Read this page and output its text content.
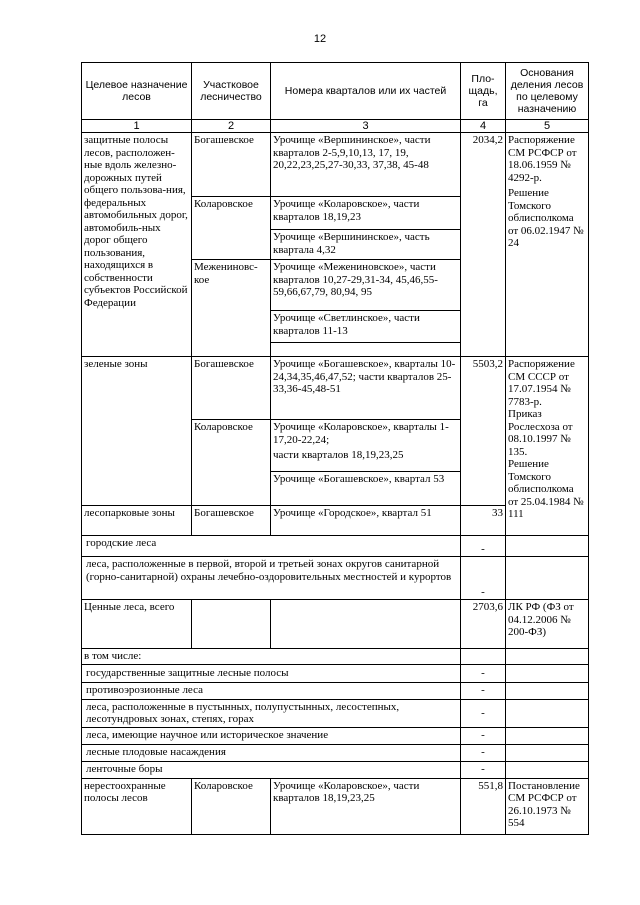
12
Целевое назначение лесов	Участковое лесничество	Номера кварталов или их частей	Пло-щадь, га	Основания деления лесов по целевому назначению
1	2	3	4	5
защитные полосы лесов, расположен-ные вдоль железно-дорожных путей общего пользова-ния, федеральных автомобильных дорог, автомобиль-ных дорог общего пользования, находящихся в собственности субъектов Российской Федерации	Богашевское	Урочище «Вершининское», части кварталов 2-5,9,10,13, 17, 19, 20,22,23,25,27-30,33, 37,38, 45-48	2034,2	Распоряжение СМ РСФСР от 18.06.1959 № 4292-р.

Решение Томского облисполкома от 06.02.1947 № 24

	Коларовское	Урочище «Коларовское», части кварталов 18,19,23		
		Урочище «Вершининское», часть квартала 4,32		
	Межениновс-кое	Урочище «Межениновское», части кварталов 10,27-29,31-34, 45,46,55-59,66,67,79, 80,94, 95		
		Урочище «Светлинское», части кварталов 11-13		

зеленые зоны	Богашевское	Урочище «Богашевское», кварталы 10-24,34,35,46,47,52; части кварталов 25-33,36-45,48-51	5503,2	Распоряжение СМ СССР от 17.07.1954 № 7783-р.

Приказ Рослесхоза от 08.10.1997 № 135.

Решение Томского облисполкома от 25.04.1984 № 111

	Коларовское	Урочище «Коларовское», кварталы 1-17,20-22,24;
части кварталов 18,19,23,25		

		Урочище «Богашевское», квартал 53		
лесопарковые зоны	Богашевское	Урочище «Городское», квартал 51	33	
городские леса			-	
леса, расположенные в первой, второй и третьей зонах округов санитарной (горно-санитарной) охраны лечебно-оздоровительных местностей и курортов			-	
Ценные леса, всего			2703,6	ЛК РФ (ФЗ от 04.12.2006 № 200-ФЗ)
в том числе:				
государственные защитные лесные полосы			-	
противоэрозионные леса			-	
леса, расположенные в пустынных, полупустынных, лесостепных, лесотундровых зонах, степях, горах			-	
леса, имеющие научное или историческое значение			-	
лесные плодовые насаждения			-	
ленточные боры			-	
нерестоохранные полосы лесов	Коларовское	Урочище «Коларовское», части кварталов 18,19,23,25	551,8	Постановление СМ РСФСР от 26.10.1973 № 554
